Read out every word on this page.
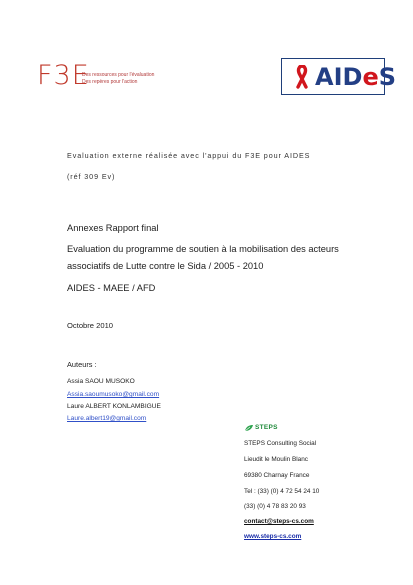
F3E
Des ressources pour l'évaluation
Des repères pour l'action	AIDeS
Evaluation externe réalisée avec l'appui du F3E pour AIDES
(réf 309 Ev)
Annexes Rapport final
Evaluation du programme de soutien à la mobilisation des acteurs
associatifs de Lutte contre le Sida / 2005 - 2010
AIDES - MAEE / AFD
Octobre 2010
Auteurs :
Assia SAOU MUSOKO
Assia.saoumusoko@gmail.com
Laure ALBERT KONLAMBIGUE
Laure.albert19@gmail.com
STEPS
STEPS Consulting Social
Lieudit le Moulin Blanc
69380 Charnay France
Tel : (33) (0) 4 72 54 24 10
(33) (0) 4 78 83 20 93
contact@steps-cs.com
www.steps-cs.com
